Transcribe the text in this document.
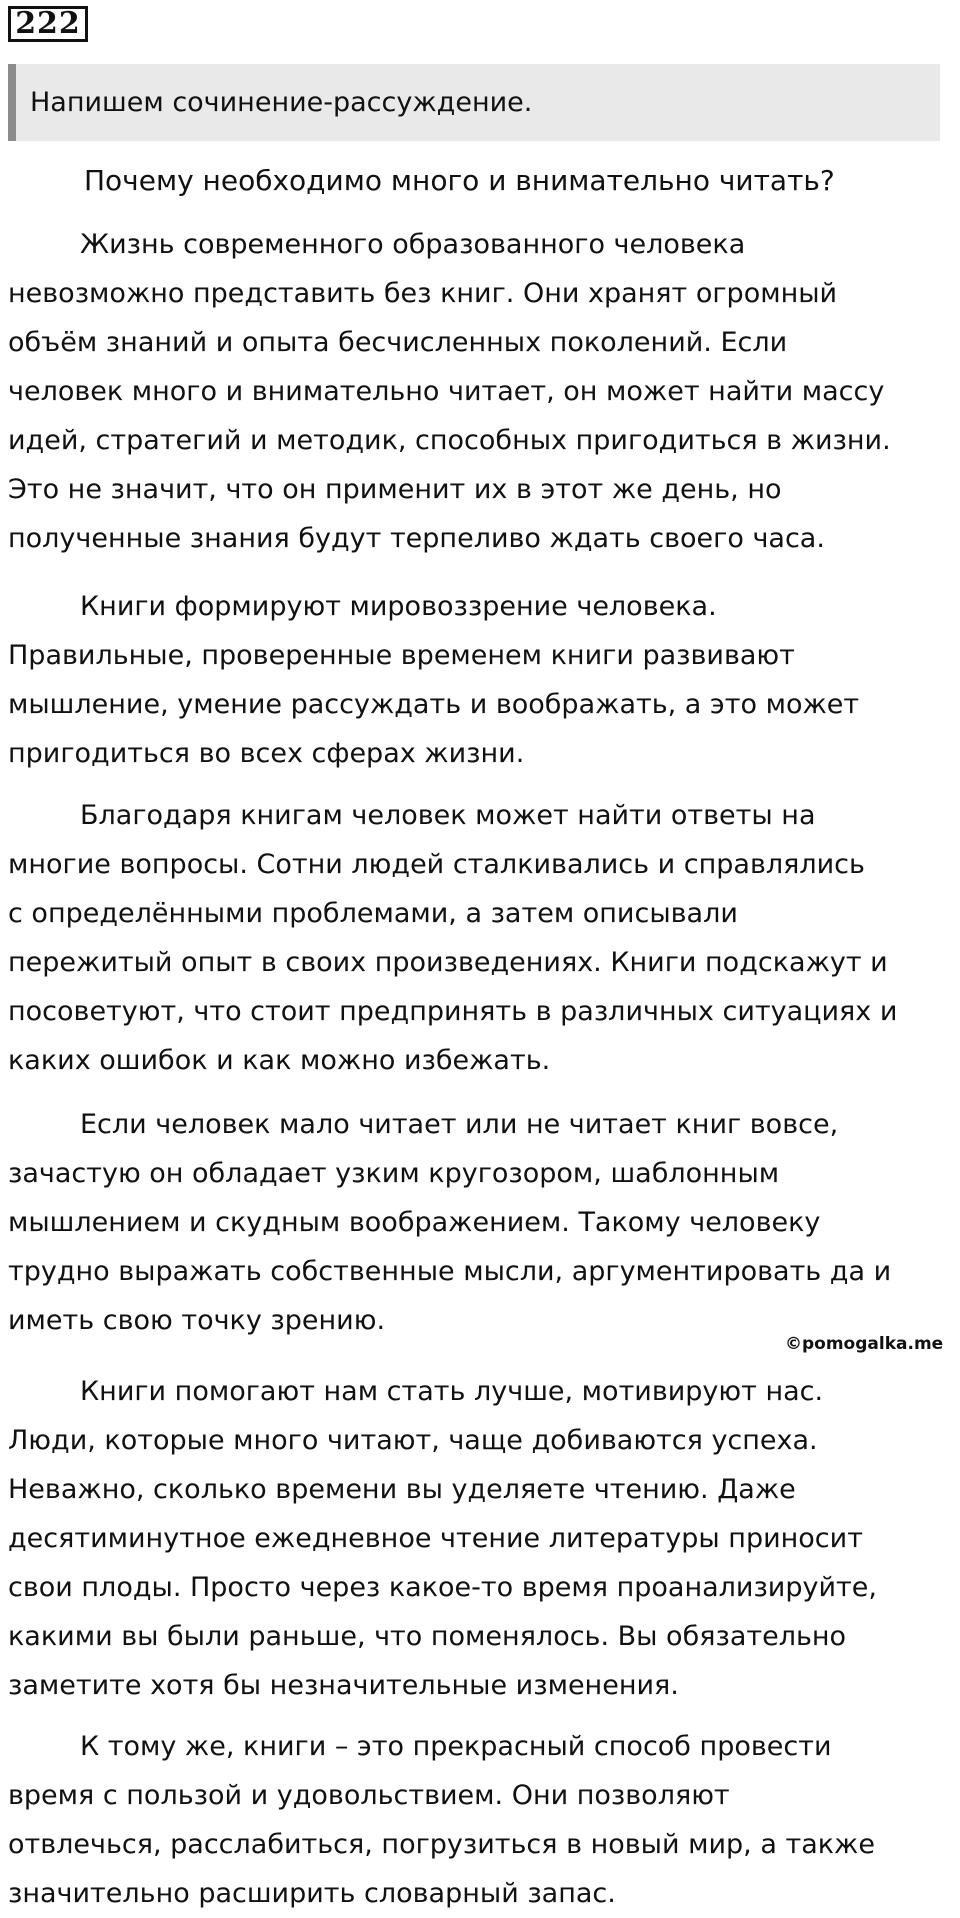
222
Напишем сочинение-рассуждение.
Почему необходимо много и внимательно читать?
Жизнь современного образованного человека
невозможно представить без книг. Они хранят огромный
объём знаний и опыта бесчисленных поколений. Если
человек много и внимательно читает, он может найти массу
идей, стратегий и методик, способных пригодиться в жизни.
Это не значит, что он применит их в этот же день, но
полученные знания будут терпеливо ждать своего часа.
Книги формируют мировоззрение человека.
Правильные, проверенные временем книги развивают
мышление, умение рассуждать и воображать, а это может
пригодиться во всех сферах жизни.
Благодаря книгам человек может найти ответы на
многие вопросы. Сотни людей сталкивались и справлялись
с определёнными проблемами, а затем описывали
пережитый опыт в своих произведениях. Книги подскажут и
посоветуют, что стоит предпринять в различных ситуациях и
каких ошибок и как можно избежать.
Если человек мало читает или не читает книг вовсе,
зачастую он обладает узким кругозором, шаблонным
мышлением и скудным воображением. Такому человеку
трудно выражать собственные мысли, аргументировать да и
иметь свою точку зрению.
©pomogalka.me
Книги помогают нам стать лучше, мотивируют нас.
Люди, которые много читают, чаще добиваются успеха.
Неважно, сколько времени вы уделяете чтению. Даже
десятиминутное ежедневное чтение литературы приносит
свои плоды. Просто через какое-то время проанализируйте,
какими вы были раньше, что поменялось. Вы обязательно
заметите хотя бы незначительные изменения.
К тому же, книги – это прекрасный способ провести
время с пользой и удовольствием. Они позволяют
отвлечься, расслабиться, погрузиться в новый мир, а также
значительно расширить словарный запас.
